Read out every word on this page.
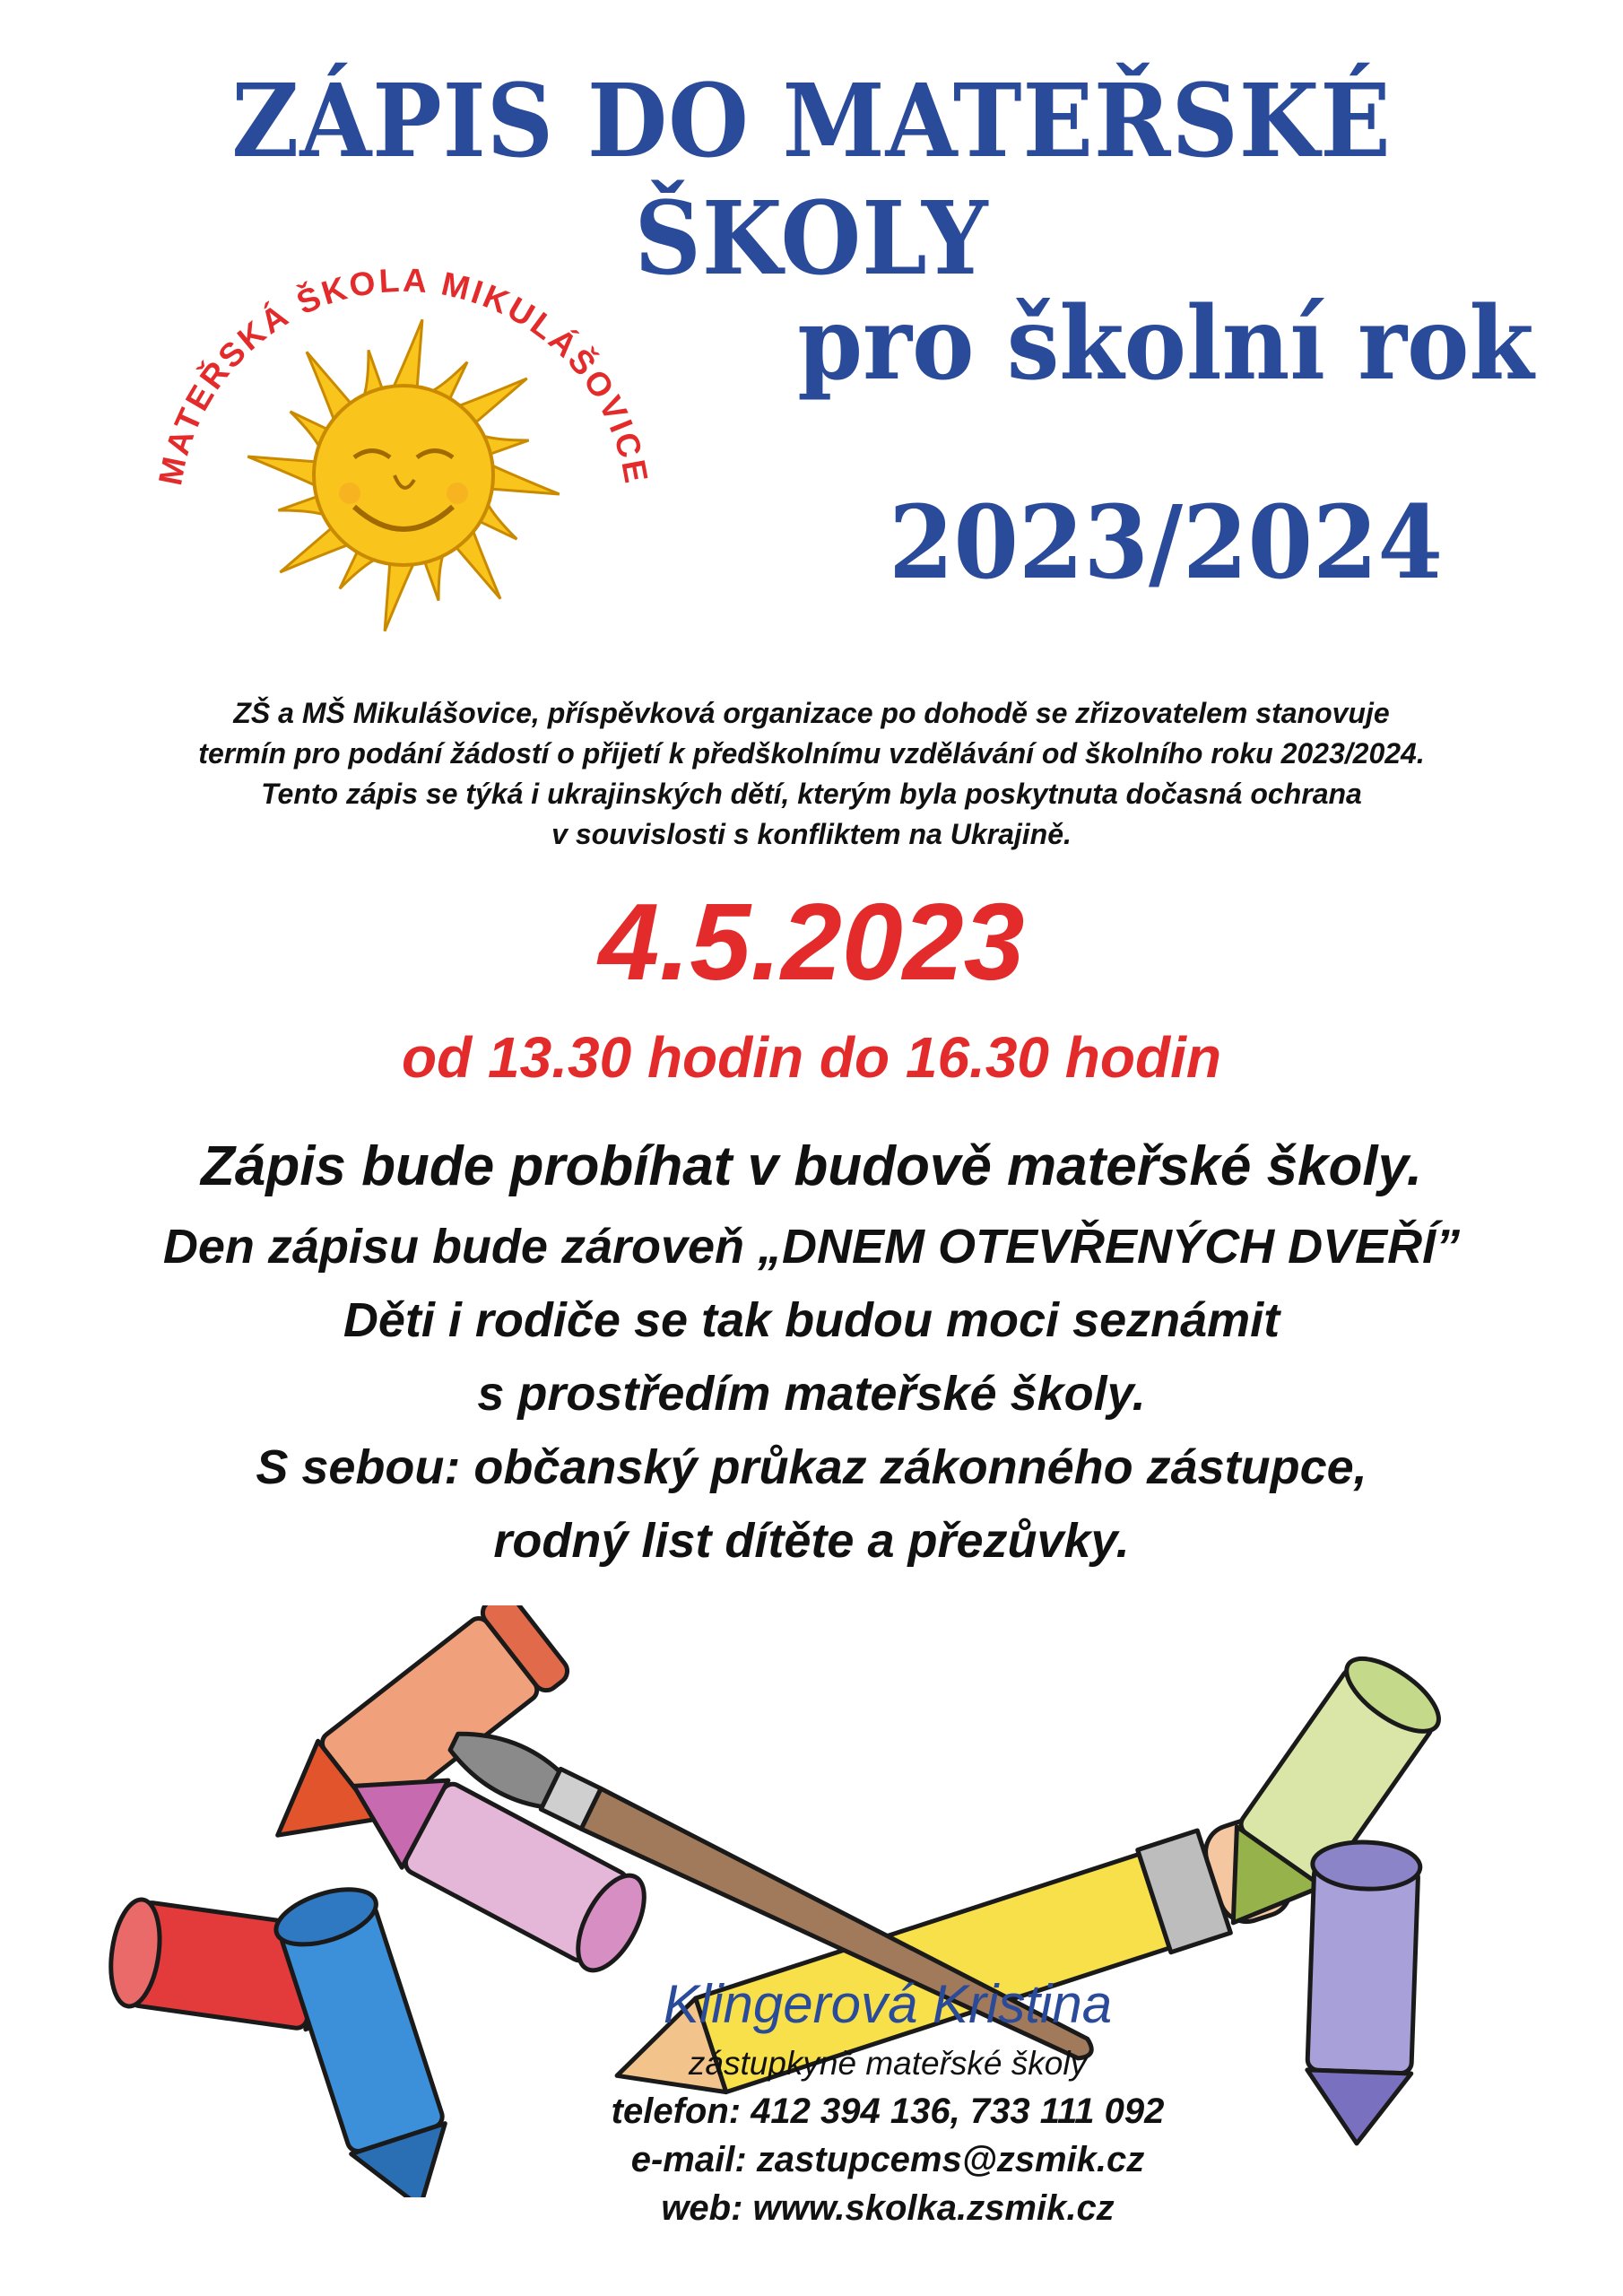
ZÁPIS DO MATEŘSKÉ ŠKOLY
MATEŘSKÁ ŠKOLA MIKULÁŠOVICE
pro školní rok
2023/2024
ZŠ a MŠ Mikulášovice, příspěvková organizace po dohodě se zřizovatelem stanovuje
termín pro podání žádostí o přijetí k předškolnímu vzdělávání od školního roku 2023/2024.
Tento zápis se týká i ukrajinských dětí, kterým byla poskytnuta dočasná ochrana
v souvislosti s konfliktem na Ukrajině.
4.5.2023
od 13.30 hodin do 16.30 hodin
Zápis bude probíhat v budově mateřské školy.
Den zápisu bude zároveň „DNEM OTEVŘENÝCH DVEŘÍ”
Děti i rodiče se tak budou moci seznámit
s prostředím mateřské školy.
S sebou: občanský průkaz zákonného zástupce,
rodný list dítěte a přezůvky.
Klingerová Kristina
zástupkyně mateřské školy
telefon: 412 394 136, 733 111 092
e-mail: zastupcems@zsmik.cz
web: www.skolka.zsmik.cz
